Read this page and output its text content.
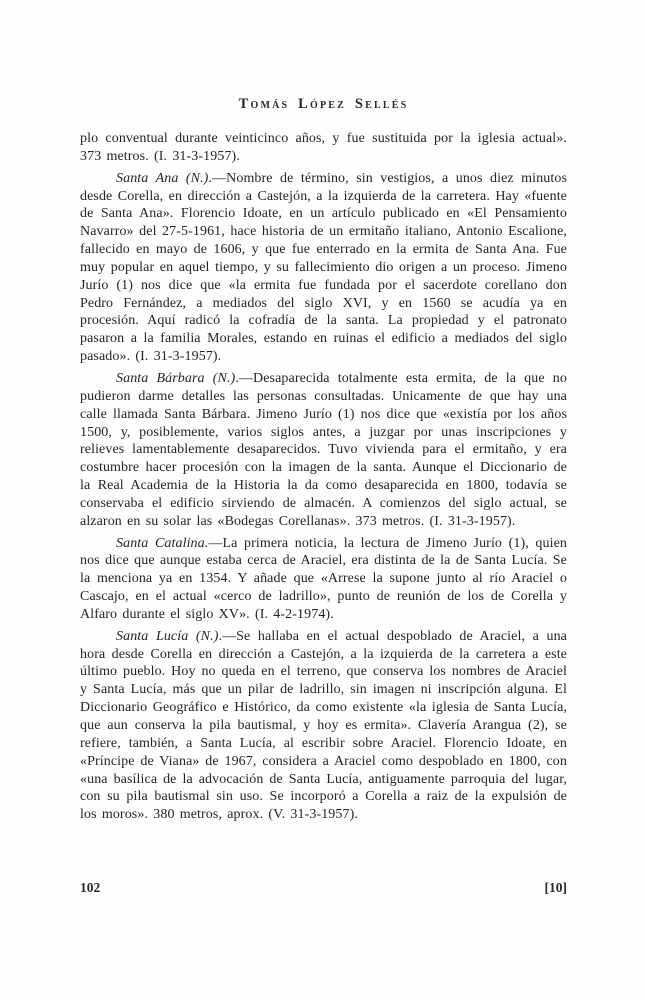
Tomás López Sellés

plo conventual durante veinticinco años, y fue sustituida por la iglesia actual». 373 metros. (I. 31-3-1957).

Santa Ana (N.).—Nombre de término, sin vestigios, a unos diez minutos desde Corella, en dirección a Castejón, a la izquierda de la carretera. Hay «fuente de Santa Ana». Florencio Idoate, en un artículo publicado en «El Pensamiento Navarro» del 27-5-1961, hace historia de un ermitaño italiano, Antonio Escalione, fallecido en mayo de 1606, y que fue enterrado en la ermita de Santa Ana. Fue muy popular en aquel tiempo, y su fallecimiento dio origen a un proceso. Jimeno Jurío (1) nos dice que «la ermita fue fundada por el sacerdote corellano don Pedro Fernández, a mediados del siglo XVI, y en 1560 se acudía ya en procesión. Aquí radicó la cofradía de la santa. La propiedad y el patronato pasaron a la familia Morales, estando en ruinas el edificio a mediados del siglo pasado». (I. 31-3-1957).

Santa Bárbara (N.).—Desaparecida totalmente esta ermita, de la que no pudieron darme detalles las personas consultadas. Unicamente de que hay una calle llamada Santa Bárbara. Jimeno Jurío (1) nos dice que «existía por los años 1500, y, posiblemente, varios siglos antes, a juzgar por unas inscripciones y relieves lamentablemente desaparecidos. Tuvo vivienda para el ermitaño, y era costumbre hacer procesión con la imagen de la santa. Aunque el Diccionario de la Real Academia de la Historia la da como desaparecida en 1800, todavía se conservaba el edificio sirviendo de almacén. A comienzos del siglo actual, se alzaron en su solar las «Bodegas Corellanas». 373 metros. (I. 31-3-1957).

Santa Catalina.—La primera noticia, la lectura de Jimeno Jurío (1), quien nos dice que aunque estaba cerca de Araciel, era distinta de la de Santa Lucía. Se la menciona ya en 1354. Y añade que «Arrese la supone junto al río Araciel o Cascajo, en el actual «cerco de ladrillo», punto de reunión de los de Corella y Alfaro durante el siglo XV». (I. 4-2-1974).

Santa Lucía (N.).—Se hallaba en el actual despoblado de Araciel, a una hora desde Corella en dirección a Castejón, a la izquierda de la carretera a este último pueblo. Hoy no queda en el terreno, que conserva los nombres de Araciel y Santa Lucía, más que un pilar de ladrillo, sin imagen ni inscripción alguna. El Diccionario Geográfico e Histórico, da como existente «la iglesia de Santa Lucía, que aun conserva la pila bautismal, y hoy es ermita». Clavería Arangua (2), se refiere, también, a Santa Lucía, al escribir sobre Araciel. Florencio Idoate, en «Príncipe de Viana» de 1967, considera a Araciel como despoblado en 1800, con «una basílica de la advocación de Santa Lucía, antiguamente parroquia del lugar, con su pila bautismal sin uso. Se incorporó a Corella a raiz de la expulsión de los moros». 380 metros, aprox. (V. 31-3-1957).

102	[10]
